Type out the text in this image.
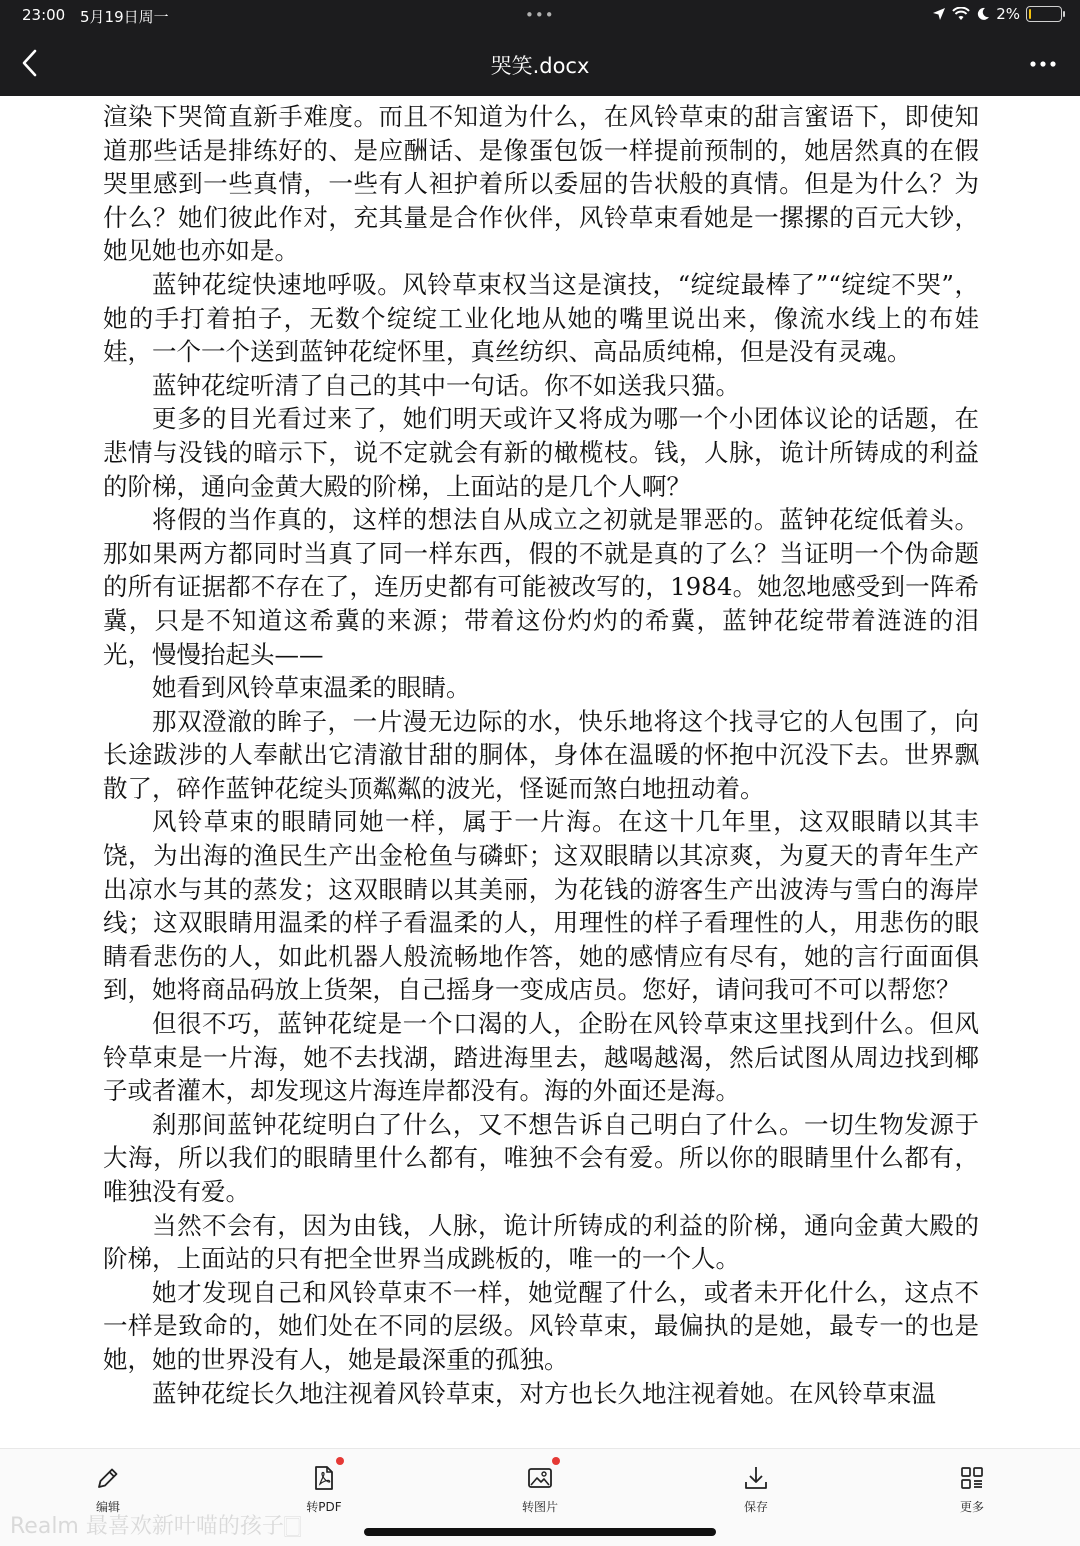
23:00 5月19日周一	•••	2%
哭笑.docx

渲染下哭简直新手难度。而且不知道为什么，在风铃草束的甜言蜜语下，即使知道那些话是排练好的、是应酬话、是像蛋包饭一样提前预制的，她居然真的在假哭里感到一些真情，一些有人袒护着所以委屈的告状般的真情。但是为什么？为什么？她们彼此作对，充其量是合作伙伴，风铃草束看她是一摞摞的百元大钞，她见她也亦如是。

蓝钟花绽快速地呼吸。风铃草束权当这是演技，“绽绽最棒了”“绽绽不哭”，她的手打着拍子，无数个绽绽工业化地从她的嘴里说出来，像流水线上的布娃娃，一个一个送到蓝钟花绽怀里，真丝纺织、高品质纯棉，但是没有灵魂。

蓝钟花绽听清了自己的其中一句话。你不如送我只猫。

更多的目光看过来了，她们明天或许又将成为哪一个小团体议论的话题，在悲情与没钱的暗示下，说不定就会有新的橄榄枝。钱，人脉，诡计所铸成的利益的阶梯，通向金黄大殿的阶梯，上面站的是几个人啊？

将假的当作真的，这样的想法自从成立之初就是罪恶的。蓝钟花绽低着头。那如果两方都同时当真了同一样东西，假的不就是真的了么？当证明一个伪命题的所有证据都不存在了，连历史都有可能被改写的，1984。她忽地感受到一阵希冀，只是不知道这希冀的来源；带着这份灼灼的希冀，蓝钟花绽带着涟涟的泪光，慢慢抬起头——

她看到风铃草束温柔的眼睛。

那双澄澈的眸子，一片漫无边际的水，快乐地将这个找寻它的人包围了，向长途跋涉的人奉献出它清澈甘甜的胴体，身体在温暖的怀抱中沉没下去。世界飘散了，碎作蓝钟花绽头顶粼粼的波光，怪诞而煞白地扭动着。

风铃草束的眼睛同她一样，属于一片海。在这十几年里，这双眼睛以其丰饶，为出海的渔民生产出金枪鱼与磷虾；这双眼睛以其凉爽，为夏天的青年生产出凉水与其的蒸发；这双眼睛以其美丽，为花钱的游客生产出波涛与雪白的海岸线；这双眼睛用温柔的样子看温柔的人，用理性的样子看理性的人，用悲伤的眼睛看悲伤的人，如此机器人般流畅地作答，她的感情应有尽有，她的言行面面俱到，她将商品码放上货架，自己摇身一变成店员。您好，请问我可不可以帮您？

但很不巧，蓝钟花绽是一个口渴的人，企盼在风铃草束这里找到什么。但风铃草束是一片海，她不去找湖，踏进海里去，越喝越渴，然后试图从周边找到椰子或者灌木，却发现这片海连岸都没有。海的外面还是海。

刹那间蓝钟花绽明白了什么，又不想告诉自己明白了什么。一切生物发源于大海，所以我们的眼睛里什么都有，唯独不会有爱。所以你的眼睛里什么都有，唯独没有爱。

当然不会有，因为由钱，人脉，诡计所铸成的利益的阶梯，通向金黄大殿的阶梯，上面站的只有把全世界当成跳板的，唯一的一个人。

她才发现自己和风铃草束不一样，她觉醒了什么，或者未开化什么，这点不一样是致命的，她们处在不同的层级。风铃草束，最偏执的是她，最专一的也是她，她的世界没有人，她是最深重的孤独。

蓝钟花绽长久地注视着风铃草束，对方也长久地注视着她。在风铃草束温

编辑	转PDF	转图片	保存	更多
Realm 最喜欢新叶喵的孩子🀆
